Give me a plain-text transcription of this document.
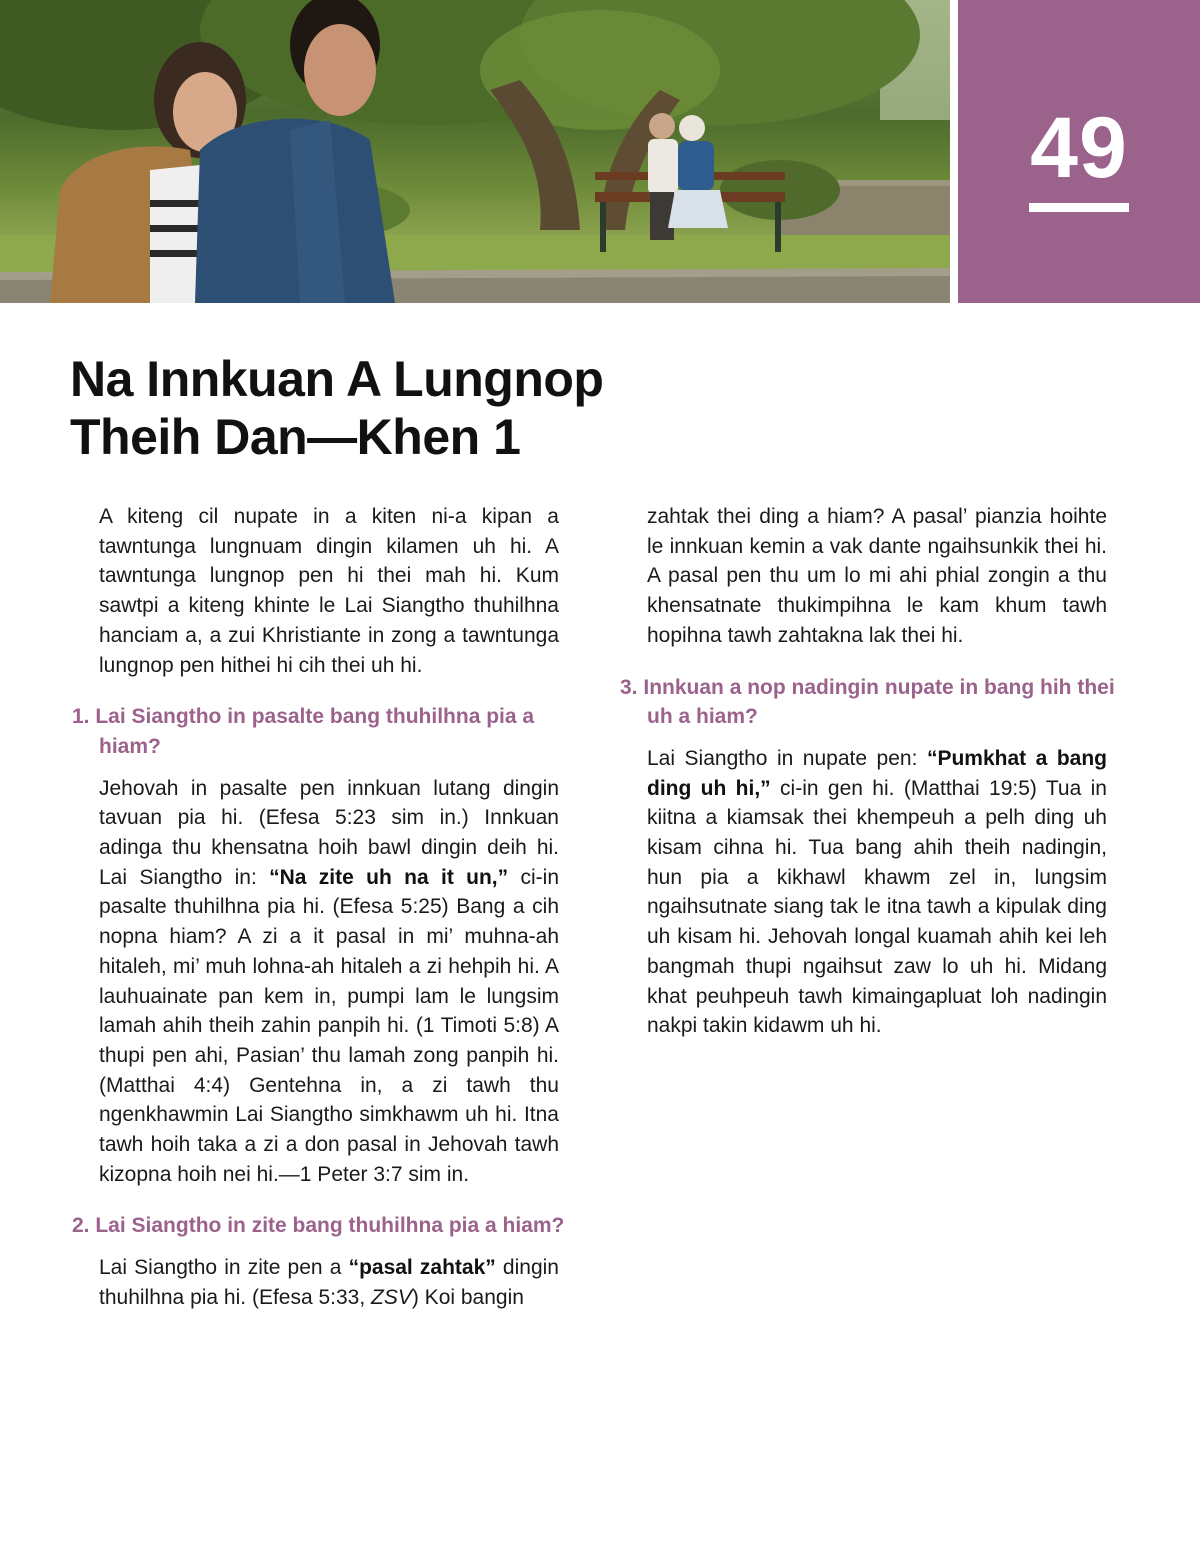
49
Na Innkuan A Lungnop
Theih Dan—Khen 1

A kiteng cil nupate in a kiten ni-a kipan a tawntunga lungnuam dingin kilamen uh hi. A tawntunga lungnop pen hi thei mah hi. Kum sawtpi a kiteng khinte le Lai Siangtho thuhilhna hanciam a, a zui Khristiante in zong a tawntunga lungnop pen hithei hi cih thei uh hi.

1. Lai Siangtho in pasalte bang thuhilhna pia a hiam?

Jehovah in pasalte pen innkuan lutang dingin tavuan pia hi. (Efesa 5:23 sim in.) Innkuan adinga thu khensatna hoih bawl dingin deih hi. Lai Siangtho in: “Na zite uh na it un,” ci-in pasalte thuhilhna pia hi. (Efesa 5:25) Bang a cih nopna hiam? A zi a it pasal in mi’ muhna-ah hitaleh, mi’ muh lohna-ah hitaleh a zi hehpih hi. A lauhuainate pan kem in, pumpi lam le lungsim lamah ahih theih zahin panpih hi. (1 Timoti 5:8) A thupi pen ahi, Pasian’ thu lamah zong panpih hi. (Matthai 4:4) Gentehna in, a zi tawh thu ngenkhawmin Lai Siangtho simkhawm uh hi. Itna tawh hoih taka a zi a don pasal in Jehovah tawh kizopna hoih nei hi.—1 Peter 3:7 sim in.

2. Lai Siangtho in zite bang thuhilhna pia a hiam?

Lai Siangtho in zite pen a “pasal zahtak” dingin thuhilhna pia hi. (Efesa 5:33, ZSV) Koi bangin

zahtak thei ding a hiam? A pasal’ pianzia hoihte le innkuan kemin a vak dante ngaihsunkik thei hi. A pasal pen thu um lo mi ahi phial zongin a thu khensatnate thukimpihna le kam khum tawh hopihna tawh zahtakna lak thei hi.

3. Innkuan a nop nadingin nupate in bang hih thei uh a hiam?

Lai Siangtho in nupate pen: “Pumkhat a bang ding uh hi,” ci-in gen hi. (Matthai 19:5) Tua in kiitna a kiamsak thei khempeuh a pelh ding uh kisam cihna hi. Tua bang ahih theih nadingin, hun pia a kikhawl khawm zel in, lungsim ngaihsutnate siang tak le itna tawh a kipulak ding uh kisam hi. Jehovah longal kuamah ahih kei leh bangmah thupi ngaihsut zaw lo uh hi. Midang khat peuhpeuh tawh kimaingapluat loh nadingin nakpi takin kidawm uh hi.
